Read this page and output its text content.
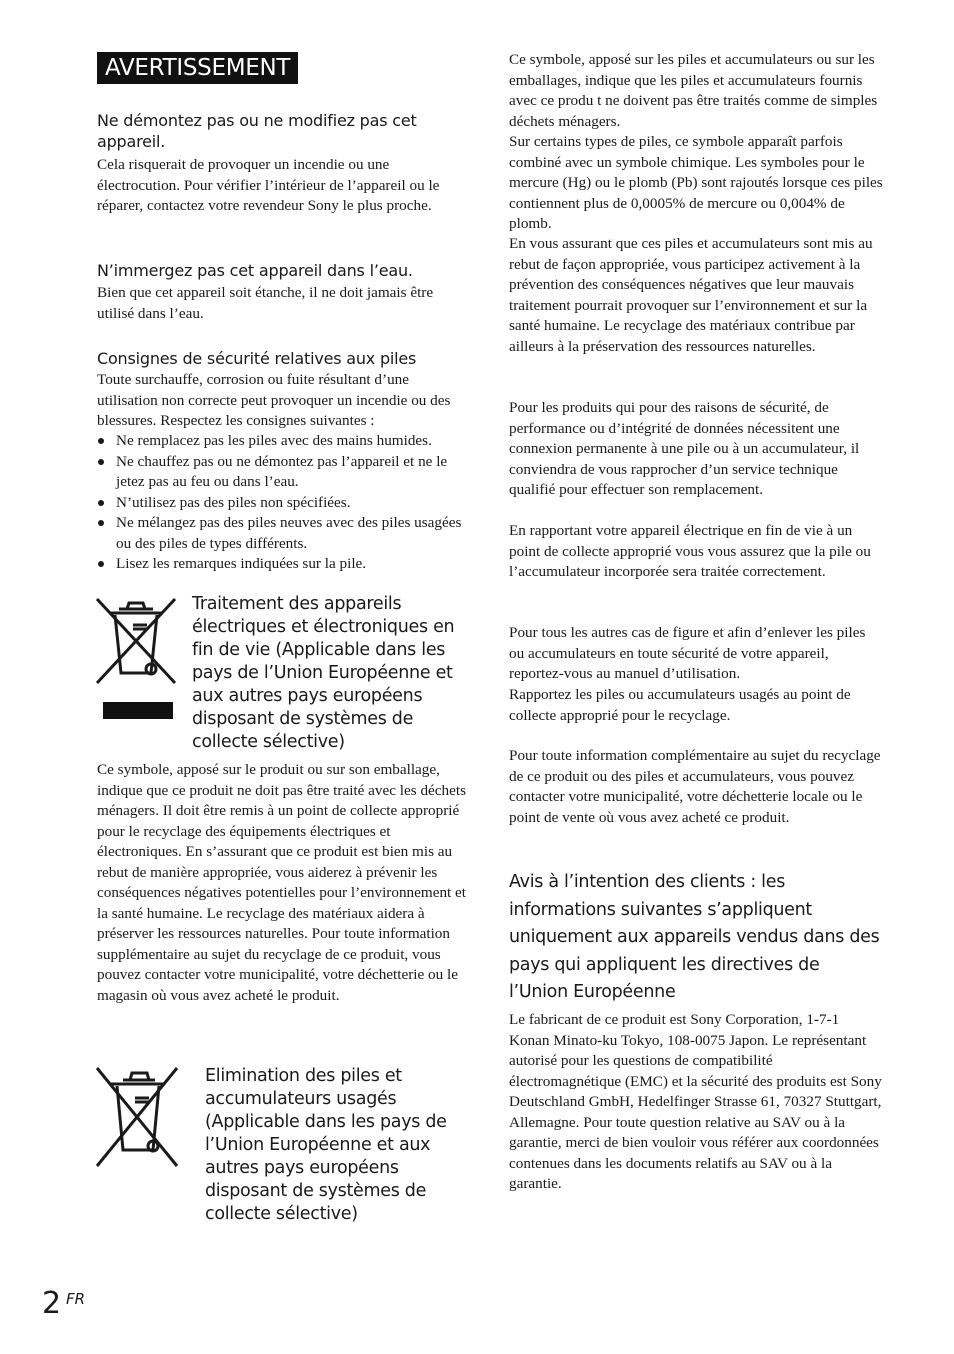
AVERTISSEMENT
Ne démontez pas ou ne modifiez pas cet appareil.
Cela risquerait de provoquer un incendie ou une électrocution. Pour vérifier l’intérieur de l’appareil ou le réparer, contactez votre revendeur Sony le plus proche.
N’immergez pas cet appareil dans l’eau.
Bien que cet appareil soit étanche, il ne doit jamais être utilisé dans l’eau.
Consignes de sécurité relatives aux piles
Toute surchauffe, corrosion ou fuite résultant d’une utilisation non correcte peut provoquer un incendie ou des blessures. Respectez les consignes suivantes :
Ne remplacez pas les piles avec des mains humides.
Ne chauffez pas ou ne démontez pas l’appareil et ne le jetez pas au feu ou dans l’eau.
N’utilisez pas des piles non spécifiées.
Ne mélangez pas des piles neuves avec des piles usagées ou des piles de types différents.
Lisez les remarques indiquées sur la pile.
Traitement des appareils électriques et électroniques en fin de vie (Applicable dans les pays de l’Union Européenne et aux autres pays européens disposant de systèmes de collecte sélective)
Ce symbole, apposé sur le produit ou sur son emballage, indique que ce produit ne doit pas être traité avec les déchets ménagers. Il doit être remis à un point de collecte approprié pour le recyclage des équipements électriques et électroniques. En s’assurant que ce produit est bien mis au rebut de manière appropriée, vous aiderez à prévenir les conséquences négatives potentielles pour l’environnement et la santé humaine. Le recyclage des matériaux aidera à préserver les ressources naturelles. Pour toute information supplémentaire au sujet du recyclage de ce produit, vous pouvez contacter votre municipalité, votre déchetterie ou le magasin où vous avez acheté le produit.
Elimination des piles et accumulateurs usagés (Applicable dans les pays de l’Union Européenne et aux autres pays européens disposant de systèmes de collecte sélective)
Ce symbole, apposé sur les piles et accumulateurs ou sur les emballages, indique que les piles et accumulateurs fournis avec ce produ t ne doivent pas être traités comme de simples déchets ménagers.
Sur certains types de piles, ce symbole apparaît parfois combiné avec un symbole chimique. Les symboles pour le mercure (Hg) ou le plomb (Pb) sont rajoutés lorsque ces piles contiennent plus de 0,0005% de mercure ou 0,004% de plomb.
En vous assurant que ces piles et accumulateurs sont mis au rebut de façon appropriée, vous participez activement à la prévention des conséquences négatives que leur mauvais traitement pourrait provoquer sur l’environnement et sur la santé humaine. Le recyclage des matériaux contribue par ailleurs à la préservation des ressources naturelles.
Pour les produits qui pour des raisons de sécurité, de performance ou d’intégrité de données nécessitent une connexion permanente à une pile ou à un accumulateur, il conviendra de vous rapprocher d’un service technique qualifié pour effectuer son remplacement.
En rapportant votre appareil électrique en fin de vie à un point de collecte approprié vous vous assurez que la pile ou l’accumulateur incorporée sera traitée correctement.
Pour tous les autres cas de figure et afin d’enlever les piles ou accumulateurs en toute sécurité de votre appareil, reportez-vous au manuel d’utilisation.
Rapportez les piles ou accumulateurs usagés au point de collecte approprié pour le recyclage.
Pour toute information complémentaire au sujet du recyclage de ce produit ou des piles et accumulateurs, vous pouvez contacter votre municipalité, votre déchetterie locale ou le point de vente où vous avez acheté ce produit.
Avis à l’intention des clients : les informations suivantes s’appliquent uniquement aux appareils vendus dans des pays qui appliquent les directives de l’Union Européenne
Le fabricant de ce produit est Sony Corporation, 1-7-1 Konan Minato-ku Tokyo, 108-0075 Japon. Le représentant autorisé pour les questions de compatibilité électromagnétique (EMC) et la sécurité des produits est Sony Deutschland GmbH, Hedelfinger Strasse 61, 70327 Stuttgart, Allemagne. Pour toute question relative au SAV ou à la garantie, merci de bien vouloir vous référer aux coordonnées contenues dans les documents relatifs au SAV ou à la garantie.
2 FR
